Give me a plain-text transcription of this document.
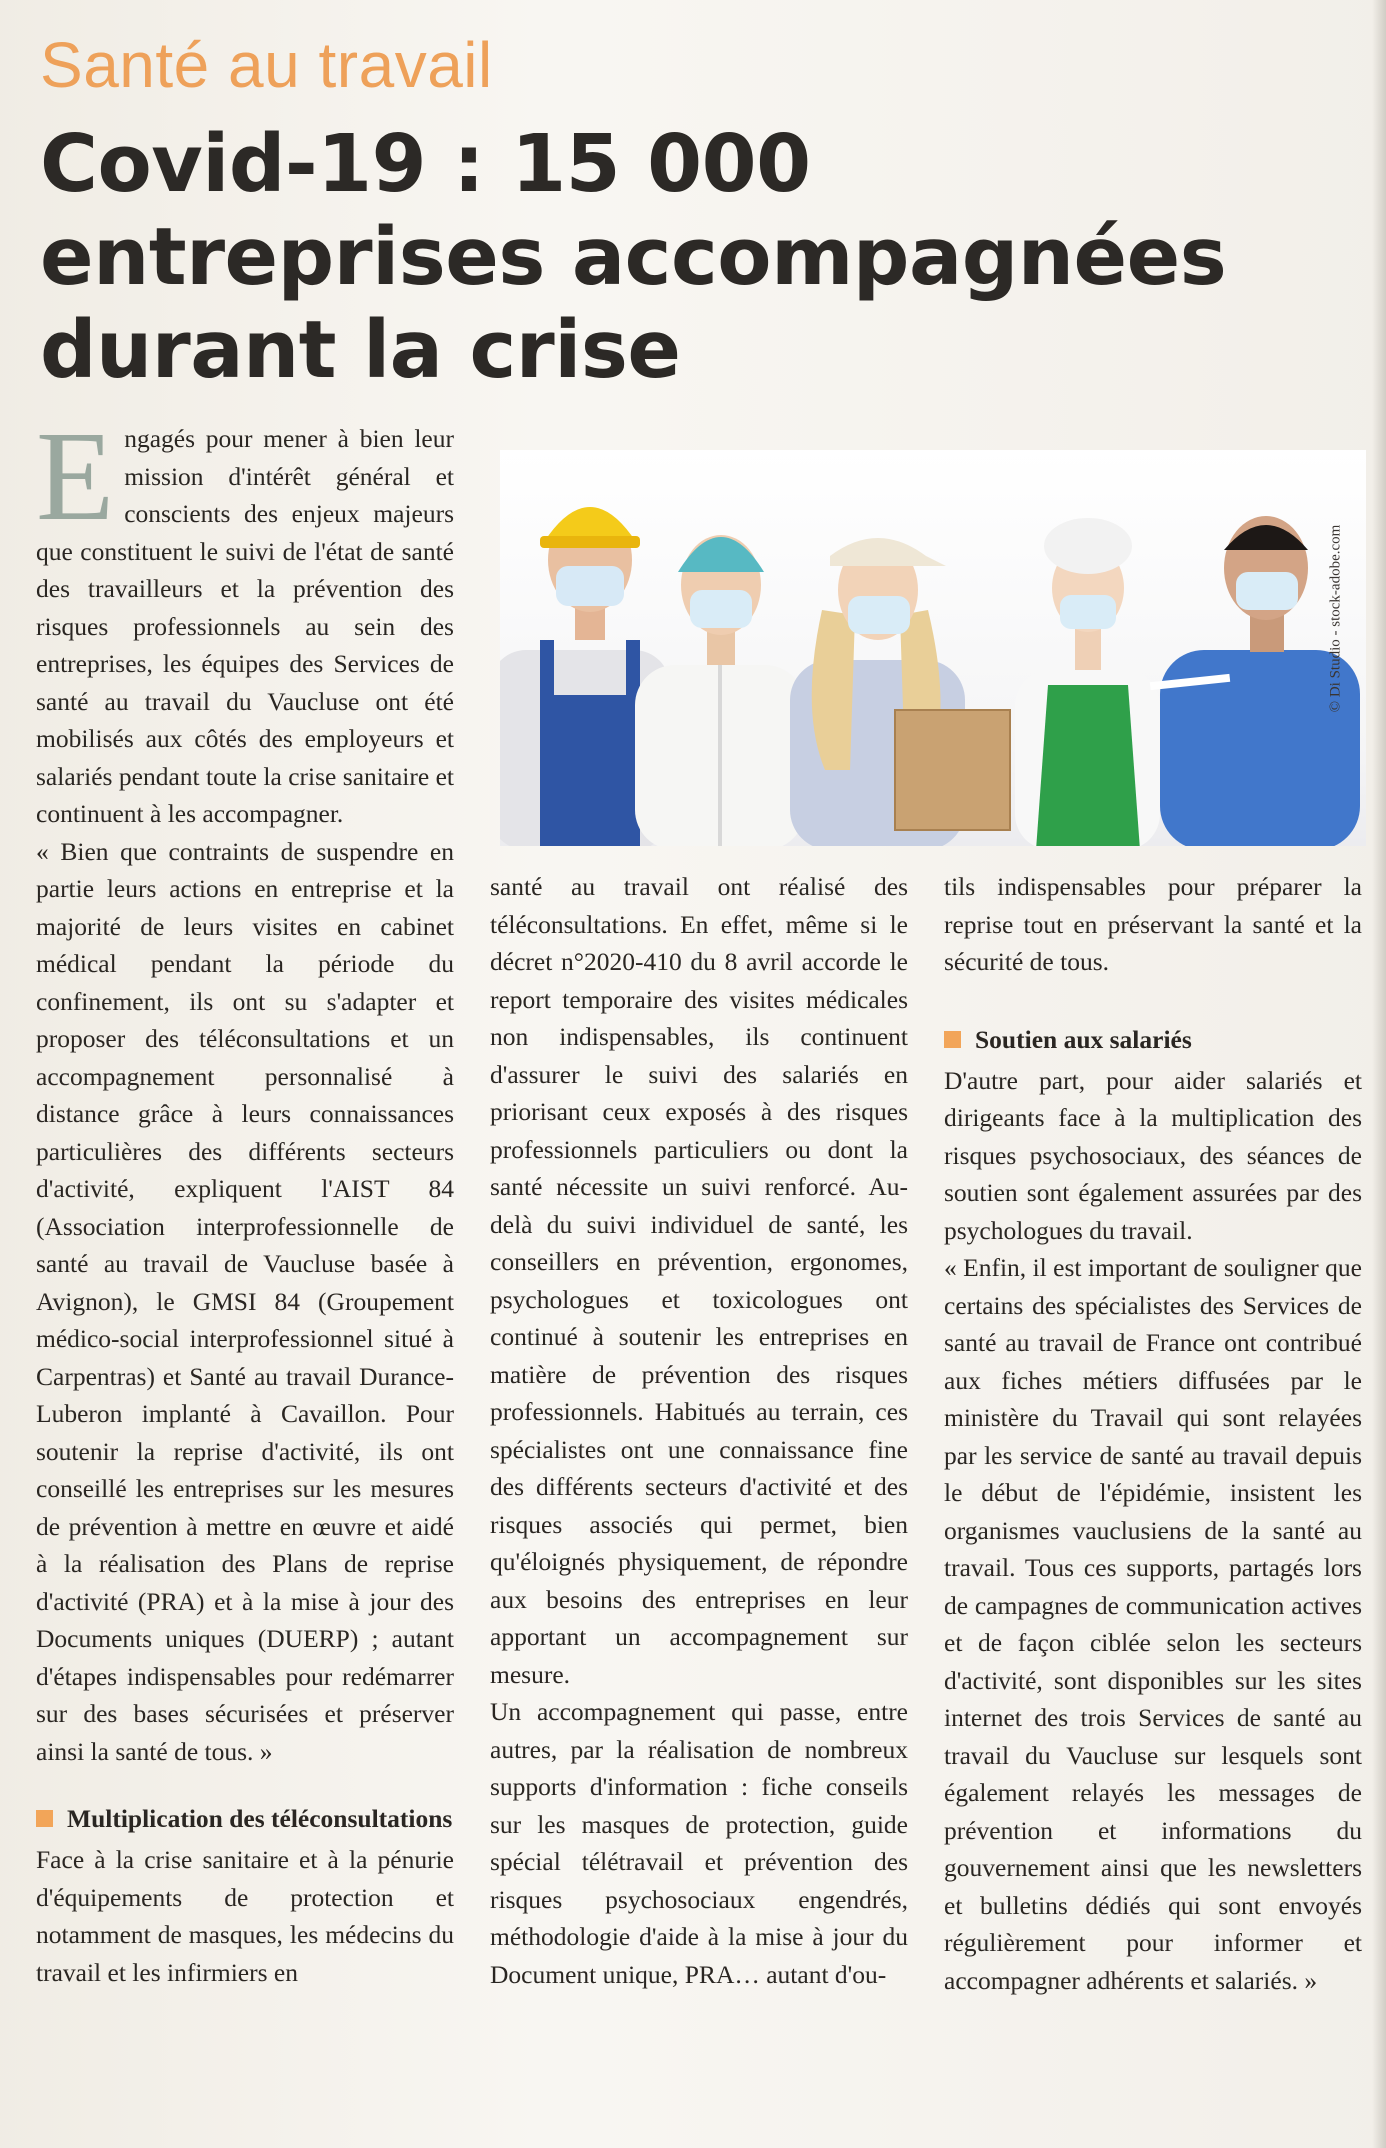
Santé au travail
Covid-19 : 15 000 entreprises accompagnées durant la crise
© Di Studio - stock-adobe.com

Engagés pour mener à bien leur mission d'intérêt général et conscients des enjeux majeurs que constituent le suivi de l'état de santé des travailleurs et la prévention des risques professionnels au sein des entreprises, les équipes des Services de santé au travail du Vaucluse ont été mobilisés aux côtés des employeurs et salariés pendant toute la crise sanitaire et continuent à les accompagner.

« Bien que contraints de suspendre en partie leurs actions en entreprise et la majorité de leurs visites en cabinet médical pendant la période du confinement, ils ont su s'adapter et proposer des téléconsultations et un accompagnement personnalisé à distance grâce à leurs connaissances particulières des différents secteurs d'activité, expliquent l'AIST 84 (Association interprofessionnelle de santé au travail de Vaucluse basée à Avignon), le GMSI 84 (Groupement médico-social interprofessionnel situé à Carpentras) et Santé au travail Durance-Luberon implanté à Cavaillon. Pour soutenir la reprise d'activité, ils ont conseillé les entreprises sur les mesures de prévention à mettre en œuvre et aidé à la réalisation des Plans de reprise d'activité (PRA) et à la mise à jour des Documents uniques (DUERP) ; autant d'étapes indispensables pour redémarrer sur des bases sécurisées et préserver ainsi la santé de tous. »

Multiplication des téléconsultations

Face à la crise sanitaire et à la pénurie d'équipements de protection et notamment de masques, les médecins du travail et les infirmiers en

santé au travail ont réalisé des téléconsultations. En effet, même si le décret n°2020-410 du 8 avril accorde le report temporaire des visites médicales non indispensables, ils continuent d'assurer le suivi des salariés en priorisant ceux exposés à des risques professionnels particuliers ou dont la santé nécessite un suivi renforcé. Au-delà du suivi individuel de santé, les conseillers en prévention, ergonomes, psychologues et toxicologues ont continué à soutenir les entreprises en matière de prévention des risques professionnels. Habitués au terrain, ces spécialistes ont une connaissance fine des différents secteurs d'activité et des risques associés qui permet, bien qu'éloignés physiquement, de répondre aux besoins des entreprises en leur apportant un accompagnement sur mesure.

Un accompagnement qui passe, entre autres, par la réalisation de nombreux supports d'information : fiche conseils sur les masques de protection, guide spécial télétravail et prévention des risques psychosociaux engendrés, méthodologie d'aide à la mise à jour du Document unique, PRA… autant d'ou-

tils indispensables pour préparer la reprise tout en préservant la santé et la sécurité de tous.

Soutien aux salariés

D'autre part, pour aider salariés et dirigeants face à la multiplication des risques psychosociaux, des séances de soutien sont également assurées par des psychologues du travail.

« Enfin, il est important de souligner que certains des spécialistes des Services de santé au travail de France ont contribué aux fiches métiers diffusées par le ministère du Travail qui sont relayées par les service de santé au travail depuis le début de l'épidémie, insistent les organismes vauclusiens de la santé au travail. Tous ces supports, partagés lors de campagnes de communication actives et de façon ciblée selon les secteurs d'activité, sont disponibles sur les sites internet des trois Services de santé au travail du Vaucluse sur lesquels sont également relayés les messages de prévention et informations du gouvernement ainsi que les newsletters et bulletins dédiés qui sont envoyés régulièrement pour informer et accompagner adhérents et salariés. »
